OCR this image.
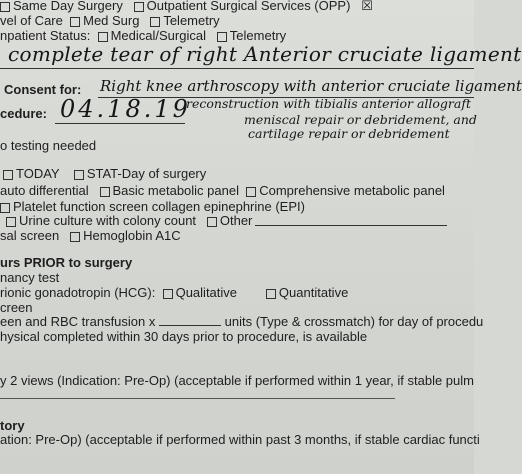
Same Day Surgery Outpatient Surgical Services (OPP) ☒
vel of Care Med Surg Telemetry
npatient Status: Medical/Surgical Telemetry
complete tear of right Anterior cruciate ligament
Consent for: Right knee arthroscopy with anterior cruciate ligament
cedure: 04.18.19
reconstruction with tibialis anterior allograft
meniscal repair or debridement, and
cartilage repair or debridement
o testing needed
TODAY STAT-Day of surgery
auto differential Basic metabolic panel Comprehensive metabolic panel
Platelet function screen collagen epinephrine (EPI)
Urine culture with colony count Other
sal screen Hemoglobin A1C
urs PRIOR to surgery
nancy test
rionic gonadotropin (HCG): Qualitative	Quantitative
creen
een and RBC transfusion x	units (Type & crossmatch) for day of procedu
hysical completed within 30 days prior to procedure, is available
y 2 views (Indication: Pre-Op) (acceptable if performed within 1 year, if stable pulm
tory
ation: Pre-Op) (acceptable if performed within past 3 months, if stable cardiac functi
